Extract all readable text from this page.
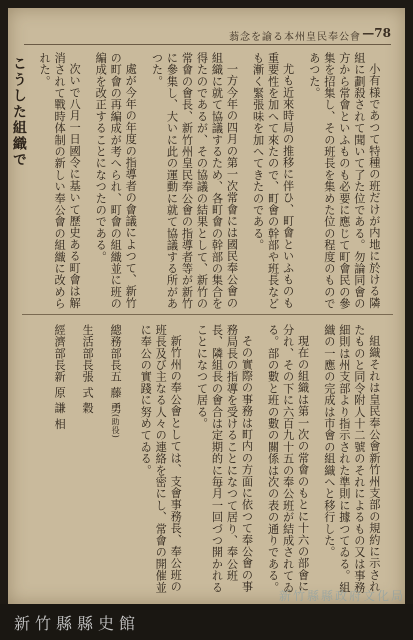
蓊念を諭る本州皇民奉公會 —78

小有様であつて特種の班だけが内地に於ける隣組に劃殺されて聞いて了た位である。勿論同會の方から常會といふものも必要に應じて町會民の參集を招集し、その班長を集めた位の程度のものであつた。

尤も近來時局の推移に伴ひ、町會といふものも重要性を加へて來たので、町會の幹部や班長なども漸く緊張味を加へてきたのである。

一方今年の四月の第一次常會には國民奉公會の組織に就て協議するため、各町會の幹部の集合を得たのであるが、その協議の結果として、新竹の常會の會長、新竹州皇民奉公會の指導者等が新竹に參集し、大いに此の運動に就て協議する所があつた。

處が今年の年度の指導者の會議によつて、新竹の町會の再編成が考へられ、町會の組織並に班の編成を改正することになつたのである。

次いで八月一日國令に基いて歷史ある町會は解消されて戰時体制の新しい奉公會の組織に改められた。

こうした組織で

組織それは皇民奉公會新竹州支部の規約に示されたものと同令附人十二號のそれによるもの又は事務細則は州支部より指示された準則に據つてゐる。組織の一應の完成は市會の組織へと移行した。

現在の組織は第一次の常會のもとに十六の部會に分れ、その下に六百九十五の奉公班が結成されてゐる。部の數と班の數の關係は次の表の通りである。

その實際の事務は町内の方面に依つて奉公會の事務局長の指導を受けることになつて居り、奉公班長、隣組長の會合は定期的に毎月一回づつ開かれることになつて居る。

新竹州の奉公會としては、支會事務長、奉公班の班長及び主なる人々の連絡を密にし、常會の開催並に奉公の實踐に努めてゐる。

總務部長五 藤 勇(助役)
生活部長張 式 穀
經濟部長新 原 謙 相

新竹縣縣政府文化局
新竹縣縣史館
